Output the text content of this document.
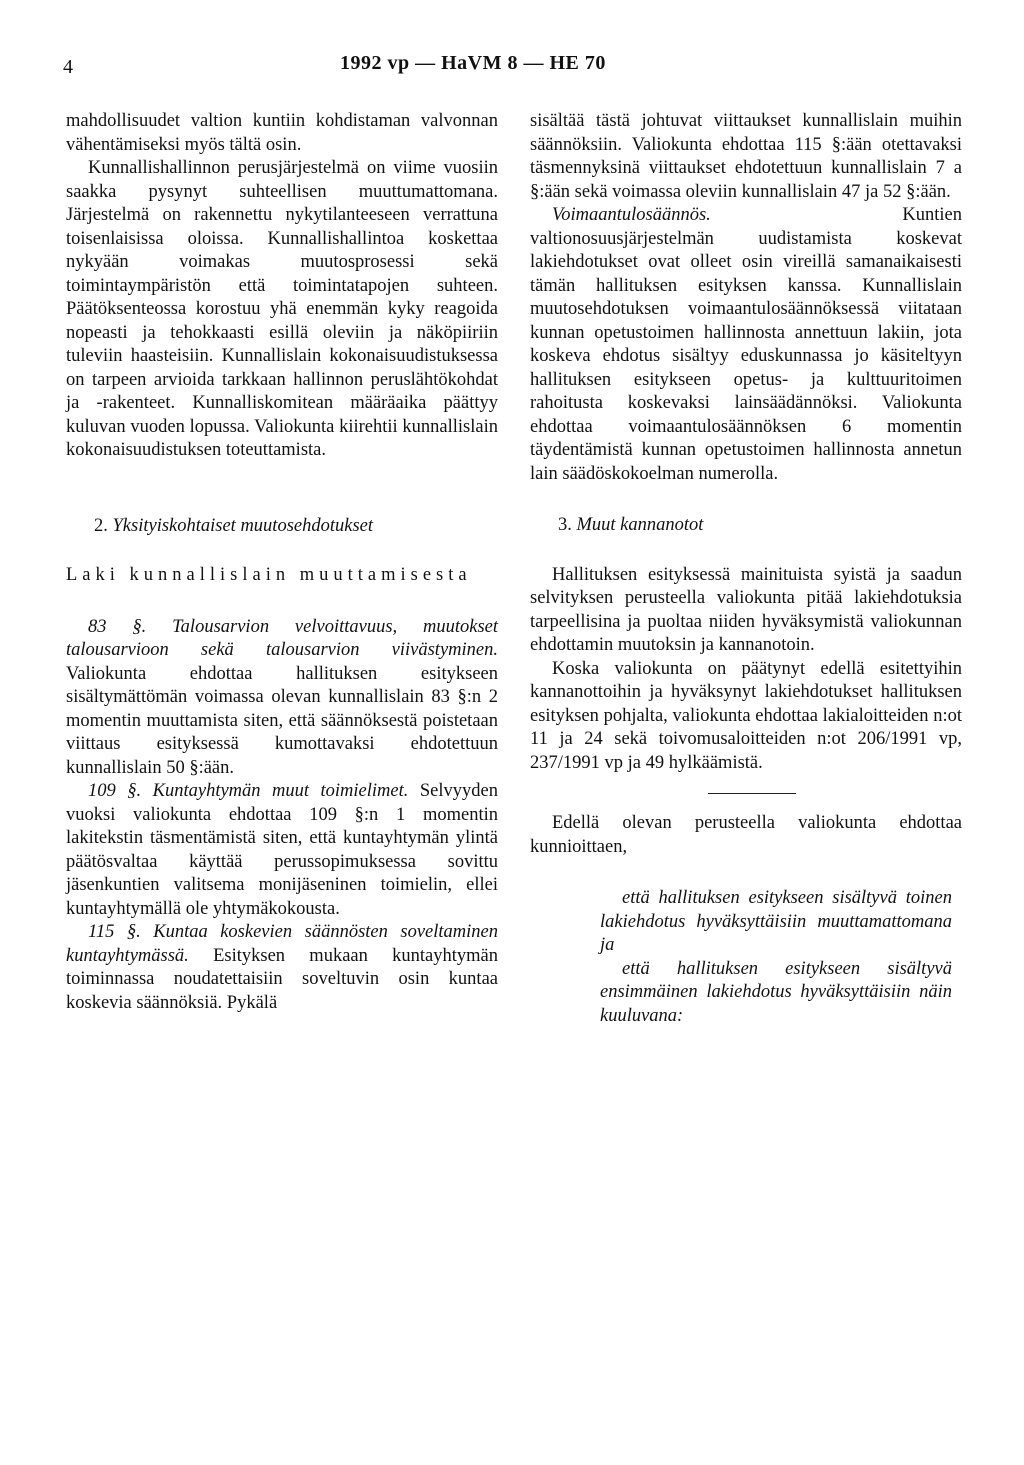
4	1992 vp — HaVM 8 — HE 70

mahdollisuudet valtion kuntiin kohdistaman valvonnan vähentämiseksi myös tältä osin.

Kunnallishallinnon perusjärjestelmä on viime vuosiin saakka pysynyt suhteellisen muuttumattomana. Järjestelmä on rakennettu nykytilanteeseen verrattuna toisenlaisissa oloissa. Kunnallishallintoa koskettaa nykyään voimakas muutosprosessi sekä toimintaympäristön että toimintatapojen suhteen. Päätöksenteossa korostuu yhä enemmän kyky reagoida nopeasti ja tehokkaasti esillä oleviin ja näköpiiriin tuleviin haasteisiin. Kunnallislain kokonaisuudistuksessa on tarpeen arvioida tarkkaan hallinnon peruslähtökohdat ja -rakenteet. Kunnalliskomitean määräaika päättyy kuluvan vuoden lopussa. Valiokunta kiirehtii kunnallislain kokonaisuudistuksen toteuttamista.

2. Yksityiskohtaiset muutosehdotukset

Laki kunnallislain muuttamisesta

83 §. Talousarvion velvoittavuus, muutokset talousarvioon sekä talousarvion viivästyminen. Valiokunta ehdottaa hallituksen esitykseen sisältymättömän voimassa olevan kunnallislain 83 §:n 2 momentin muuttamista siten, että säännöksestä poistetaan viittaus esityksessä kumottavaksi ehdotettuun kunnallislain 50 §:ään.

109 §. Kuntayhtymän muut toimielimet. Selvyyden vuoksi valiokunta ehdottaa 109 §:n 1 momentin lakitekstin täsmentämistä siten, että kuntayhtymän ylintä päätösvaltaa käyttää perussopimuksessa sovittu jäsenkuntien valitsema monijäseninen toimielin, ellei kuntayhtymällä ole yhtymäkokousta.

115 §. Kuntaa koskevien säännösten soveltaminen kuntayhtymässä. Esityksen mukaan kuntayhtymän toiminnassa noudatettaisiin soveltuvin osin kuntaa koskevia säännöksiä. Pykälä

sisältää tästä johtuvat viittaukset kunnallislain muihin säännöksiin. Valiokunta ehdottaa 115 §:ään otettavaksi täsmennyksinä viittaukset ehdotettuun kunnallislain 7 a §:ään sekä voimassa oleviin kunnallislain 47 ja 52 §:ään.

Voimaantulosäännös.	Kuntien valtionosuusjärjestelmän uudistamista koskevat lakiehdotukset ovat olleet osin vireillä samanaikaisesti tämän hallituksen esityksen kanssa. Kunnallislain muutosehdotuksen voimaantulosäännöksessä viitataan kunnan opetustoimen hallinnosta annettuun lakiin, jota koskeva ehdotus sisältyy eduskunnassa jo käsiteltyyn hallituksen esitykseen opetus- ja kulttuuritoimen rahoitusta koskevaksi lainsäädännöksi. Valiokunta ehdottaa voimaantulosäännöksen 6 momentin täydentämistä kunnan opetustoimen hallinnosta annetun lain säädöskokoelman numerolla.

3. Muut kannanotot

Hallituksen esityksessä mainituista syistä ja saadun selvityksen perusteella valiokunta pitää lakiehdotuksia tarpeellisina ja puoltaa niiden hyväksymistä valiokunnan ehdottamin muutoksin ja kannanotoin.

Koska valiokunta on päätynyt edellä esitettyihin kannanottoihin ja hyväksynyt lakiehdotukset hallituksen esityksen pohjalta, valiokunta ehdottaa lakialoitteiden n:ot 11 ja 24 sekä toivomusaloitteiden n:ot 206/1991 vp, 237/1991 vp ja 49 hylkäämistä.

Edellä olevan perusteella valiokunta ehdottaa kunnioittaen,

että hallituksen esitykseen sisältyvä toinen lakiehdotus hyväksyttäisiin muuttamattomana ja

että hallituksen esitykseen sisältyvä ensimmäinen lakiehdotus hyväksyttäisiin näin kuuluvana:
